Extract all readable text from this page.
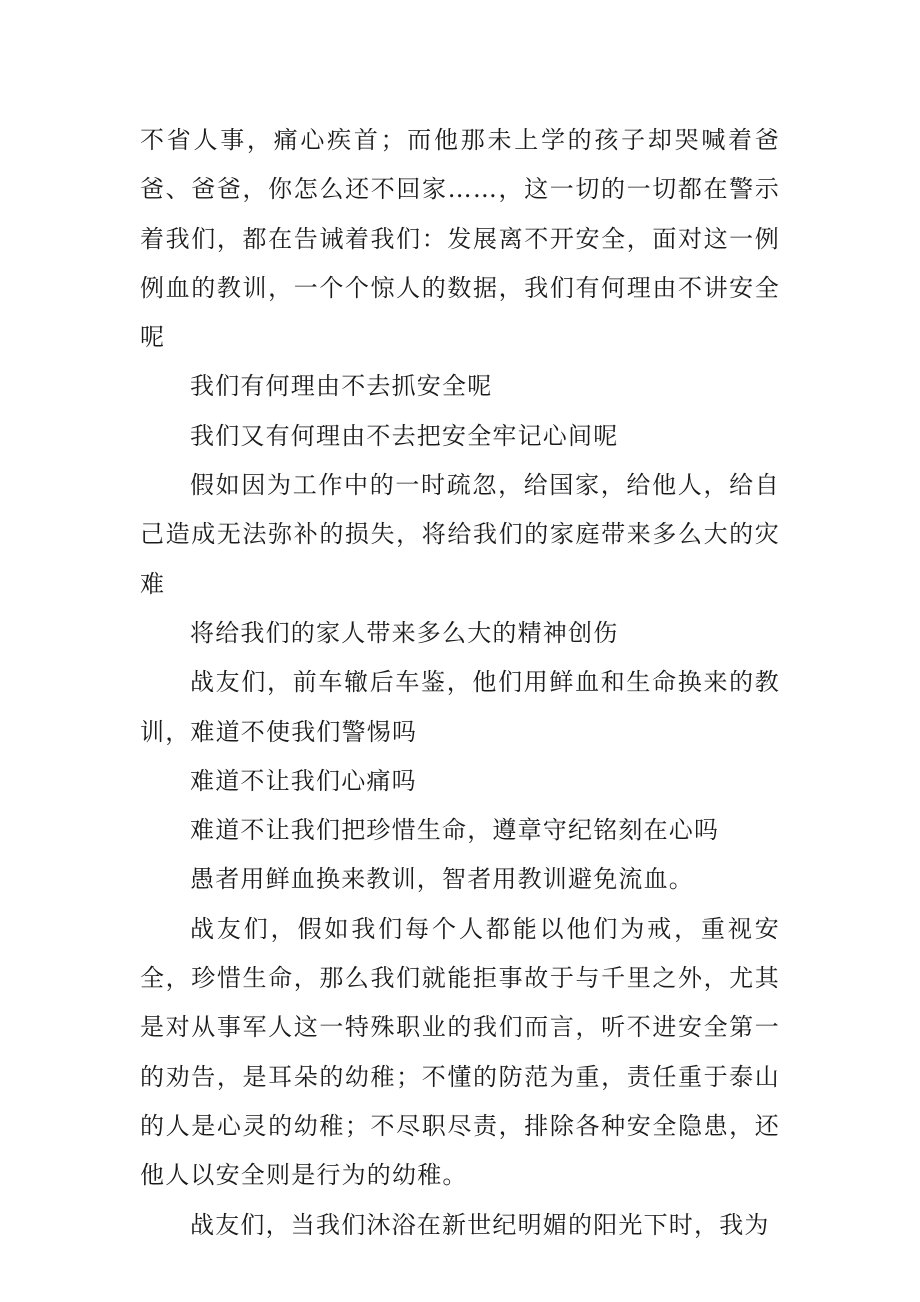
不省人事，痛心疾首；而他那未上学的孩子却哭喊着爸爸、爸爸，你怎么还不回家……，这一切的一切都在警示着我们，都在告诫着我们：发展离不开安全，面对这一例例血的教训，一个个惊人的数据，我们有何理由不讲安全呢

我们有何理由不去抓安全呢

我们又有何理由不去把安全牢记心间呢

假如因为工作中的一时疏忽，给国家，给他人，给自己造成无法弥补的损失，将给我们的家庭带来多么大的灾难

将给我们的家人带来多么大的精神创伤

战友们，前车辙后车鉴，他们用鲜血和生命换来的教训，难道不使我们警惕吗

难道不让我们心痛吗

难道不让我们把珍惜生命，遵章守纪铭刻在心吗

愚者用鲜血换来教训，智者用教训避免流血。

战友们，假如我们每个人都能以他们为戒，重视安全，珍惜生命，那么我们就能拒事故于与千里之外，尤其是对从事军人这一特殊职业的我们而言，听不进安全第一的劝告，是耳朵的幼稚；不懂的防范为重，责任重于泰山的人是心灵的幼稚；不尽职尽责，排除各种安全隐患，还他人以安全则是行为的幼稚。

战友们，当我们沐浴在新世纪明媚的阳光下时，我为
